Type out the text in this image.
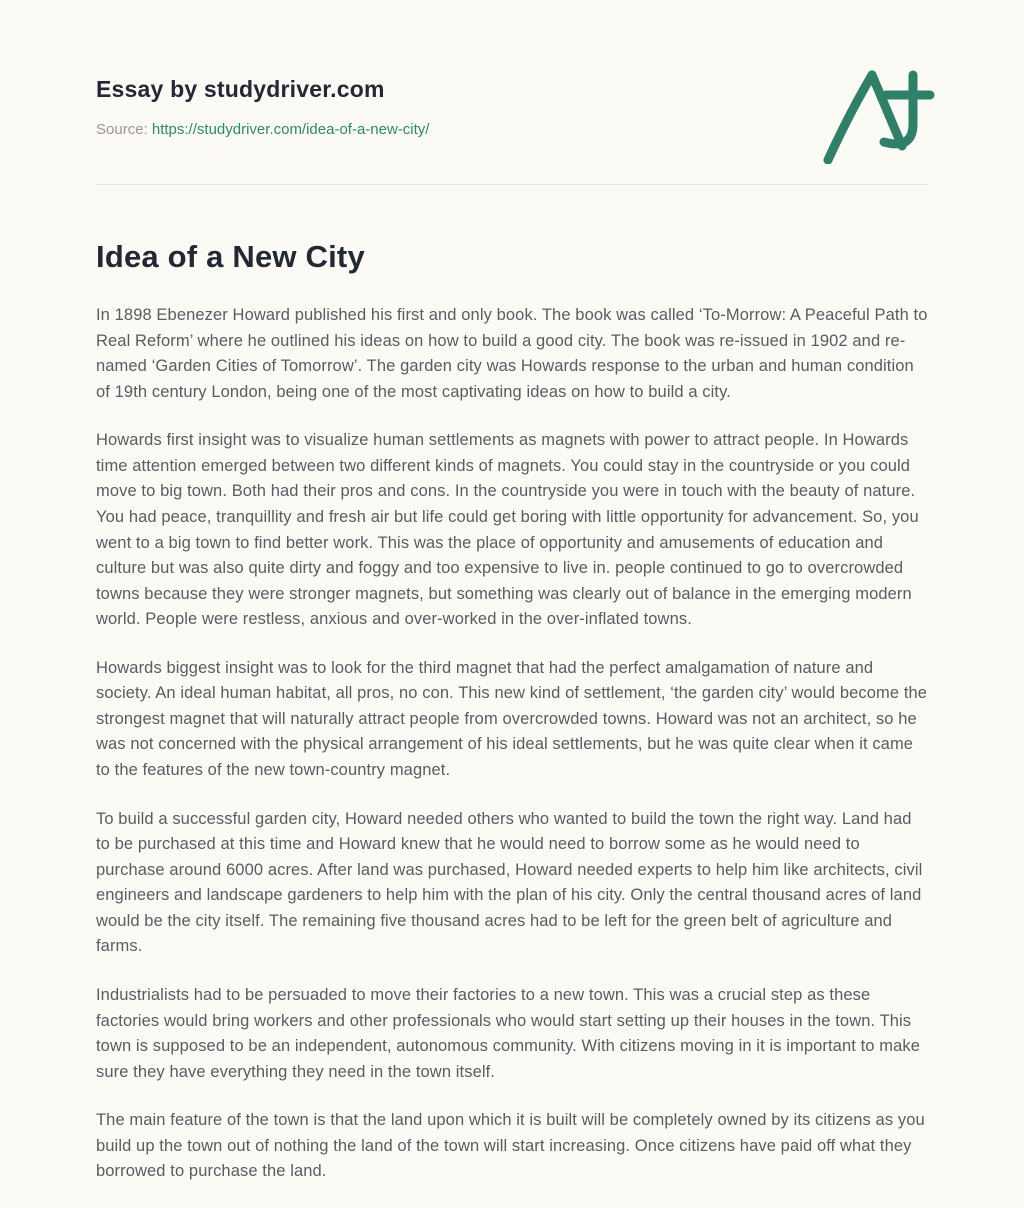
Essay by studydriver.com

Source: https://studydriver.com/idea-of-a-new-city/

Idea of a New City

In 1898 Ebenezer Howard published his first and only book. The book was called ‘To-Morrow: A Peaceful Path to Real Reform’ where he outlined his ideas on how to build a good city. The book was re-issued in 1902 and re-named ‘Garden Cities of Tomorrow’. The garden city was Howards response to the urban and human condition of 19th century London, being one of the most captivating ideas on how to build a city.

Howards first insight was to visualize human settlements as magnets with power to attract people. In Howards time attention emerged between two different kinds of magnets. You could stay in the countryside or you could move to big town. Both had their pros and cons. In the countryside you were in touch with the beauty of nature. You had peace, tranquillity and fresh air but life could get boring with little opportunity for advancement. So, you went to a big town to find better work. This was the place of opportunity and amusements of education and culture but was also quite dirty and foggy and too expensive to live in. people continued to go to overcrowded towns because they were stronger magnets, but something was clearly out of balance in the emerging modern world. People were restless, anxious and over-worked in the over-inflated towns.

Howards biggest insight was to look for the third magnet that had the perfect amalgamation of nature and society. An ideal human habitat, all pros, no con. This new kind of settlement, ‘the garden city’ would become the strongest magnet that will naturally attract people from overcrowded towns. Howard was not an architect, so he was not concerned with the physical arrangement of his ideal settlements, but he was quite clear when it came to the features of the new town-country magnet.

To build a successful garden city, Howard needed others who wanted to build the town the right way. Land had to be purchased at this time and Howard knew that he would need to borrow some as he would need to purchase around 6000 acres. After land was purchased, Howard needed experts to help him like architects, civil engineers and landscape gardeners to help him with the plan of his city. Only the central thousand acres of land would be the city itself. The remaining five thousand acres had to be left for the green belt of agriculture and farms.

Industrialists had to be persuaded to move their factories to a new town. This was a crucial step as these factories would bring workers and other professionals who would start setting up their houses in the town. This town is supposed to be an independent, autonomous community. With citizens moving in it is important to make sure they have everything they need in the town itself.

The main feature of the town is that the land upon which it is built will be completely owned by its citizens as you build up the town out of nothing the land of the town will start increasing. Once citizens have paid off what they borrowed to purchase the land.
